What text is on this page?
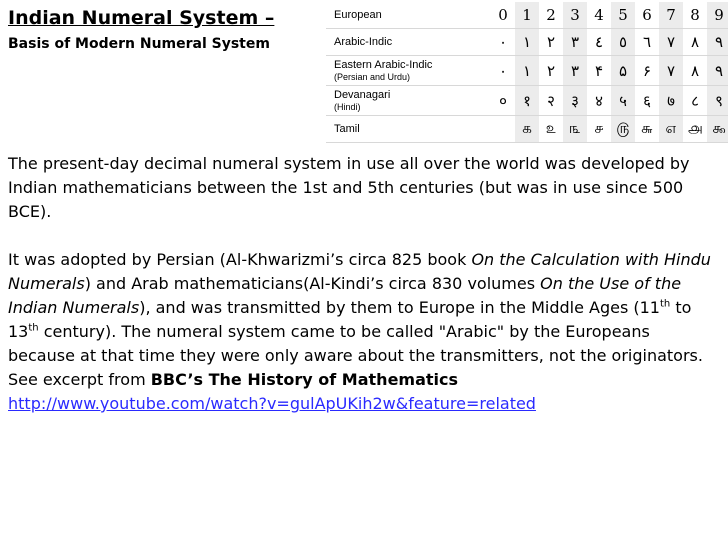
Indian Numeral System –
Basis of Modern Numeral System
European		0	1	2	3	4	5	6	7	8	9
Arabic-Indic		٠	١	٢	٣	٤	٥	٦	٧	٨	٩
Eastern Arabic-Indic
(Persian and Urdu)		۰	۱	۲	۳	۴	۵	۶	۷	۸	۹
Devanagari
(Hindi)		०	१	२	३	४	५	६	७	८	९
Tamil			௧	௨	௩	௪	௫	௬	௭	௮	௯

The present-day decimal numeral system in use all over the world was developed by Indian mathematicians between the 1st and 5th centuries (but was in use since 500 BCE).

It was adopted by Persian (Al-Khwarizmi’s circa 825 book On the Calculation with Hindu Numerals) and Arab mathematicians(Al-Kindi’s circa 830 volumes On the Use of the Indian Numerals), and was transmitted by them to Europe in the Middle Ages (11th to 13th century). The numeral system came to be called "Arabic" by the Europeans because at that time they were only aware about the transmitters, not the originators. See excerpt from BBC’s The History of Mathematics
http://www.youtube.com/watch?v=gulApUKih2w&feature=related
